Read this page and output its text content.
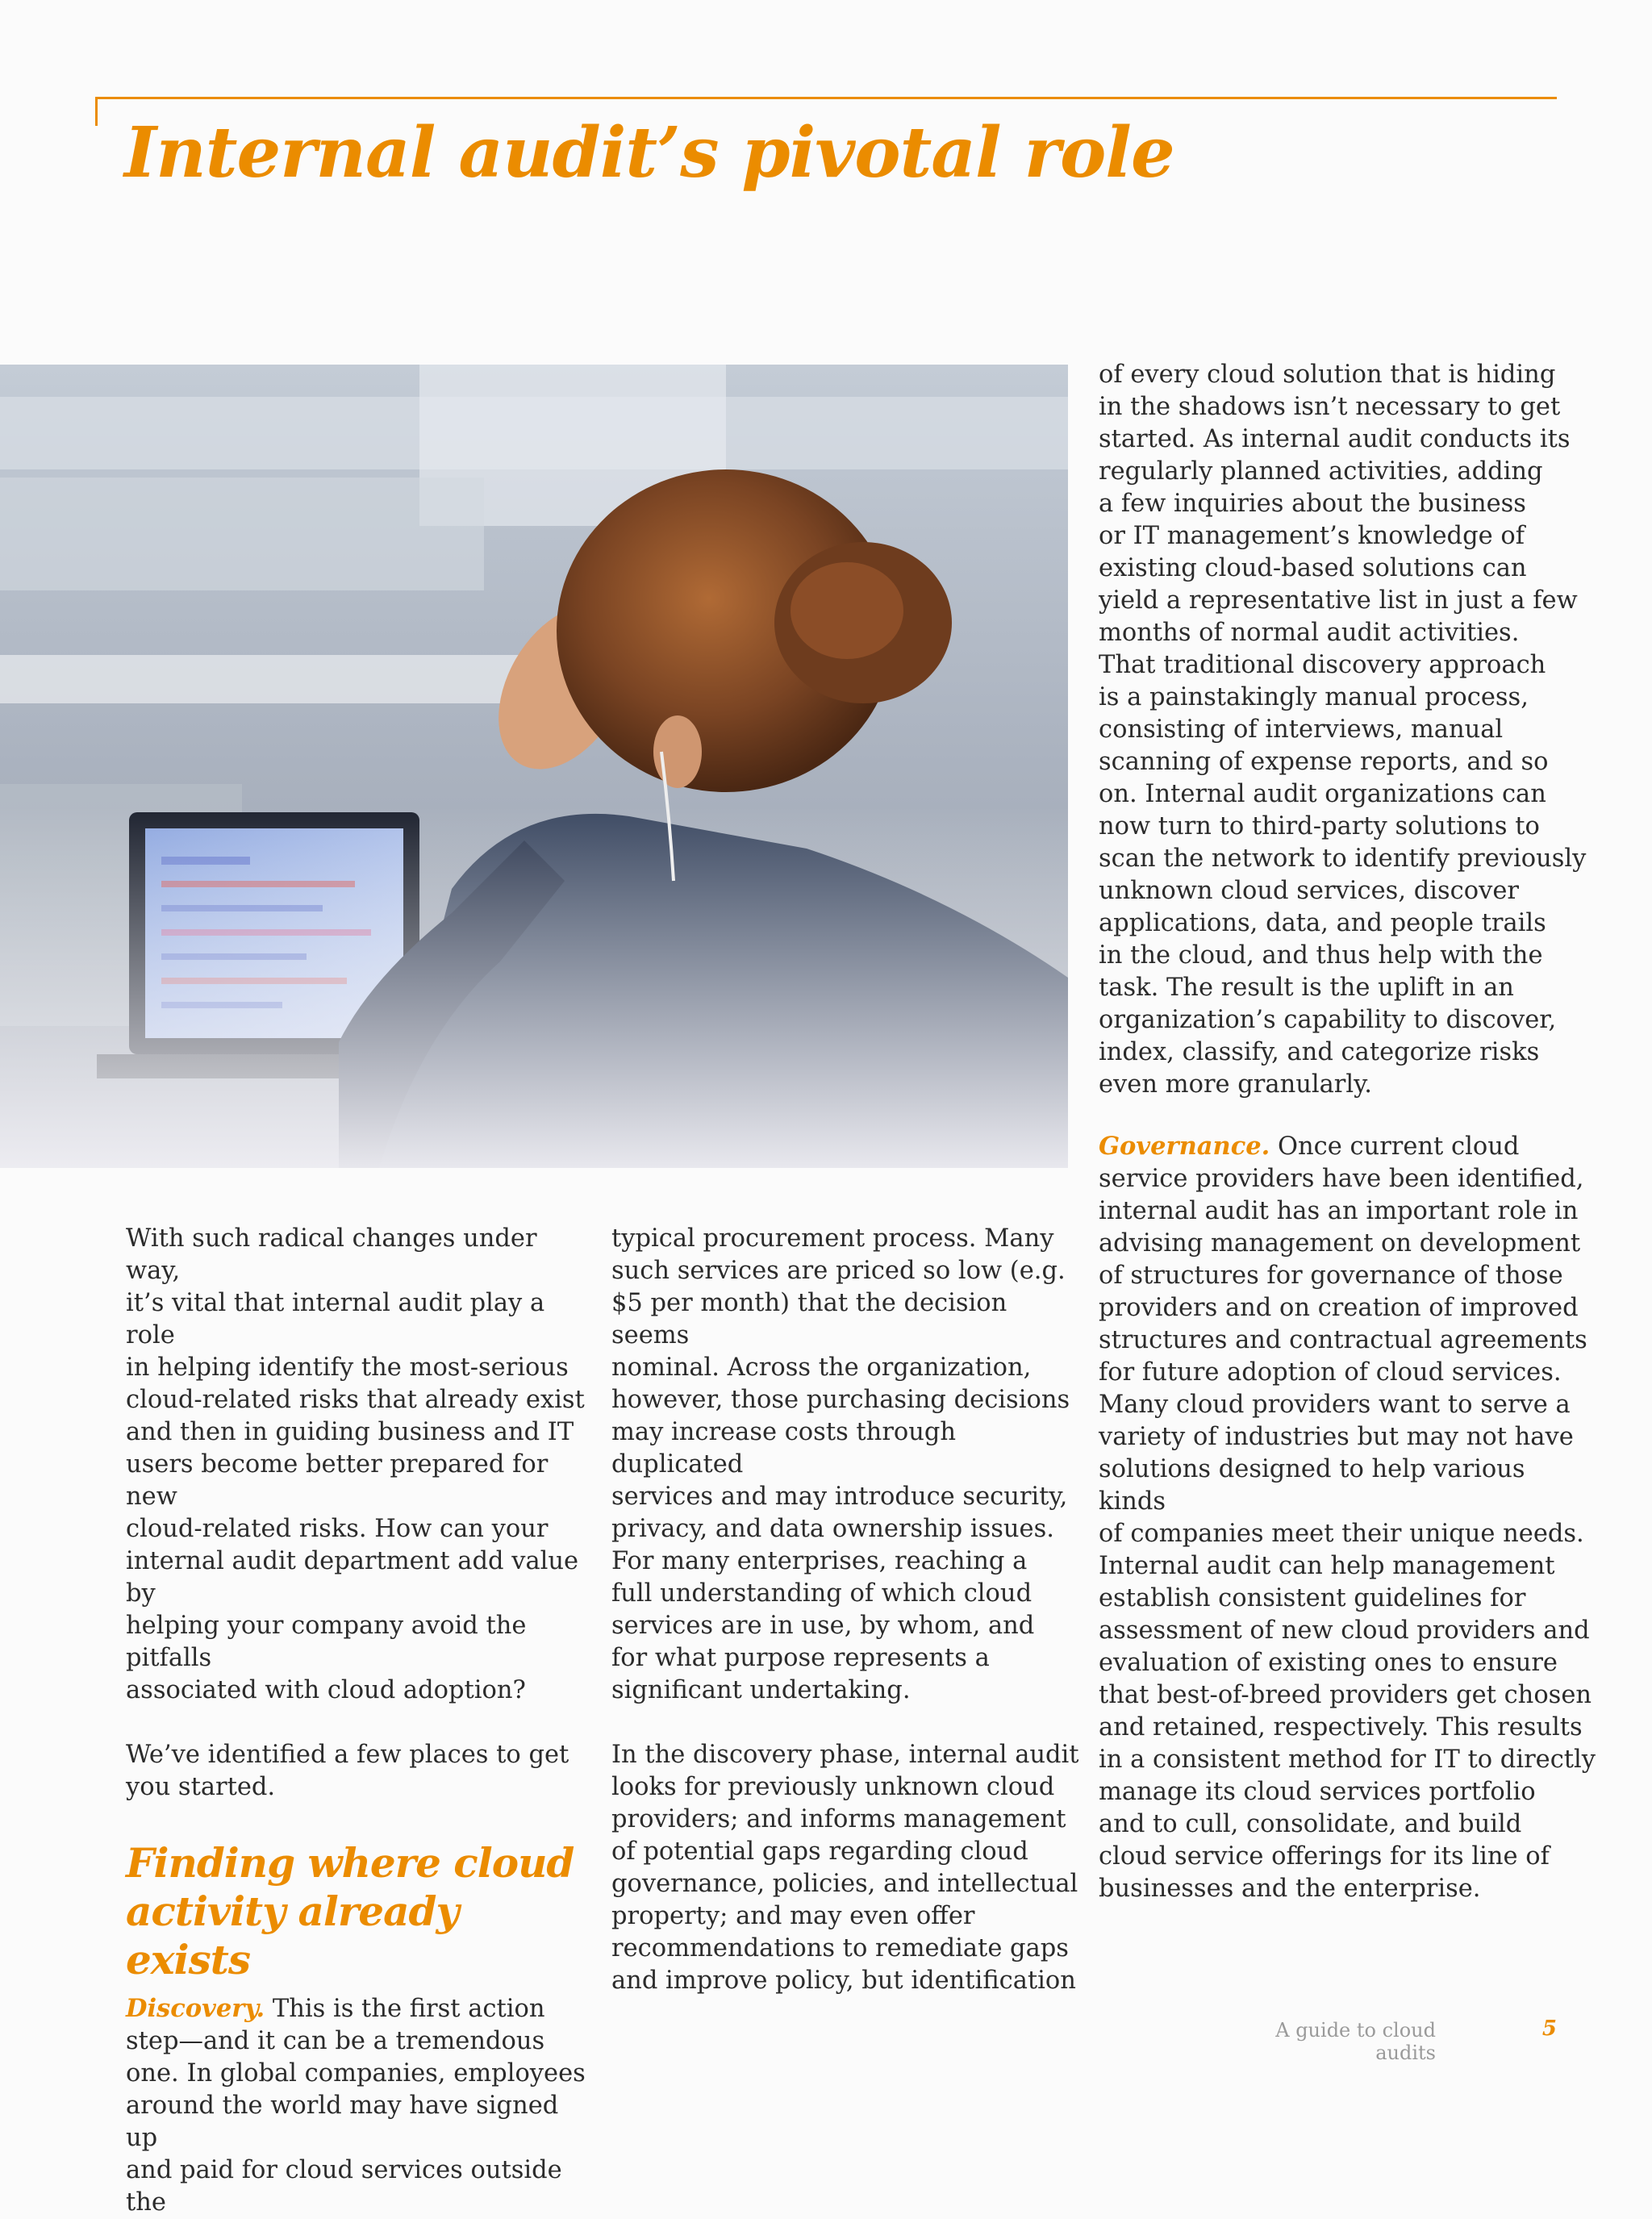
Internal audit’s pivotal role

With such radical changes under way,
it’s vital that internal audit play a role
in helping identify the most-serious
cloud-related risks that already exist
and then in guiding business and IT
users become better prepared for new
cloud-related risks. How can your
internal audit department add value by
helping your company avoid the pitfalls
associated with cloud adoption?

We’ve identified a few places to get
you started.

Finding where cloud
activity already exists

Discovery. This is the first action
step—and it can be a tremendous
one. In global companies, employees
around the world may have signed up
and paid for cloud services outside the

typical procurement process. Many
such services are priced so low (e.g.
$5 per month) that the decision seems
nominal. Across the organization,
however, those purchasing decisions
may increase costs through duplicated
services and may introduce security,
privacy, and data ownership issues.
For many enterprises, reaching a
full understanding of which cloud
services are in use, by whom, and
for what purpose represents a
significant undertaking.

In the discovery phase, internal audit
looks for previously unknown cloud
providers; and informs management
of potential gaps regarding cloud
governance, policies, and intellectual
property; and may even offer
recommendations to remediate gaps
and improve policy, but identification

of every cloud solution that is hiding
in the shadows isn’t necessary to get
started. As internal audit conducts its
regularly planned activities, adding
a few inquiries about the business
or IT management’s knowledge of
existing cloud-based solutions can
yield a representative list in just a few
months of normal audit activities.
That traditional discovery approach
is a painstakingly manual process,
consisting of interviews, manual
scanning of expense reports, and so
on. Internal audit organizations can
now turn to third-party solutions to
scan the network to identify previously
unknown cloud services, discover
applications, data, and people trails
in the cloud, and thus help with the
task. The result is the uplift in an
organization’s capability to discover,
index, classify, and categorize risks
even more granularly.

Governance. Once current cloud
service providers have been identified,
internal audit has an important role in
advising management on development
of structures for governance of those
providers and on creation of improved
structures and contractual agreements
for future adoption of cloud services.
Many cloud providers want to serve a
variety of industries but may not have
solutions designed to help various kinds
of companies meet their unique needs.
Internal audit can help management
establish consistent guidelines for
assessment of new cloud providers and
evaluation of existing ones to ensure
that best-of-breed providers get chosen
and retained, respectively. This results
in a consistent method for IT to directly
manage its cloud services portfolio
and to cull, consolidate, and build
cloud service offerings for its line of
businesses and the enterprise.

A guide to cloud audits
5
